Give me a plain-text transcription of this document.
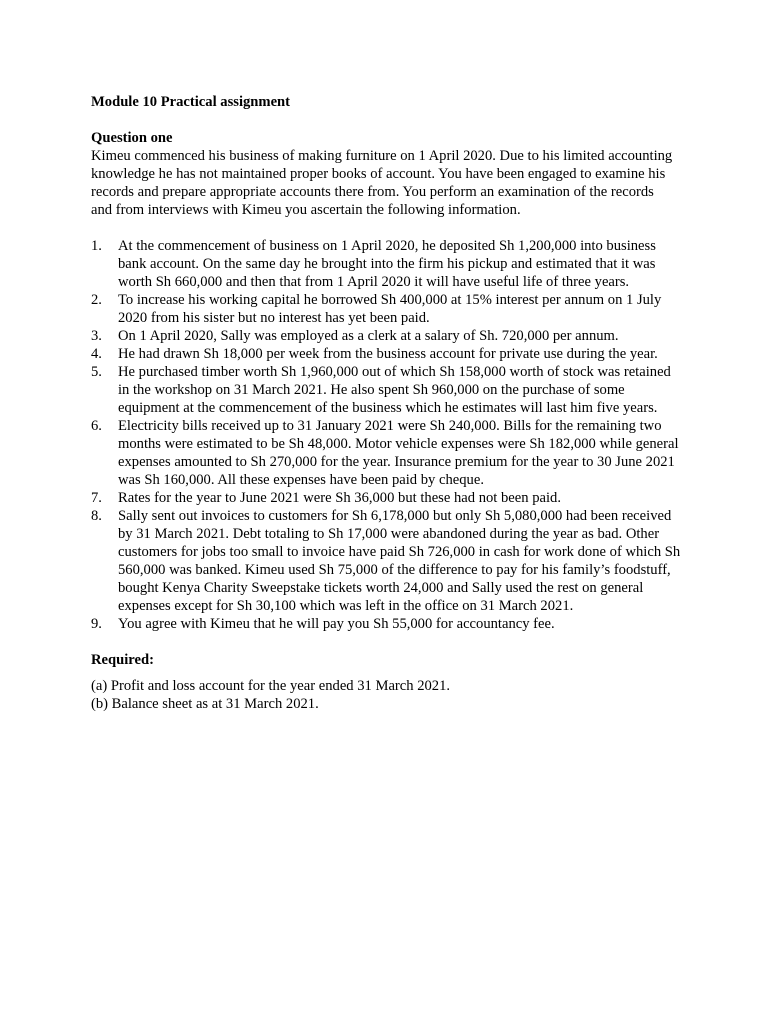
Module 10 Practical assignment

Question one

Kimeu commenced his business of making furniture on 1 April 2020. Due to his limited accounting knowledge he has not maintained proper books of account. You have been engaged to examine his records and prepare appropriate accounts there from. You perform an examination of the records and from interviews with Kimeu you ascertain the following information.

1. At the commencement of business on 1 April 2020, he deposited Sh 1,200,000 into business bank account. On the same day he brought into the firm his pickup and estimated that it was worth Sh 660,000 and then that from 1 April 2020 it will have useful life of three years.
2. To increase his working capital he borrowed Sh 400,000 at 15% interest per annum on 1 July 2020 from his sister but no interest has yet been paid.
3. On 1 April 2020, Sally was employed as a clerk at a salary of Sh. 720,000 per annum.
4. He had drawn Sh 18,000 per week from the business account for private use during the year.
5. He purchased timber worth Sh 1,960,000 out of which Sh 158,000 worth of stock was retained in the workshop on 31 March 2021. He also spent Sh 960,000 on the purchase of some equipment at the commencement of the business which he estimates will last him five years.
6. Electricity bills received up to 31 January 2021 were Sh 240,000. Bills for the remaining two months were estimated to be Sh 48,000. Motor vehicle expenses were Sh 182,000 while general expenses amounted to Sh 270,000 for the year. Insurance premium for the year to 30 June 2021 was Sh 160,000. All these expenses have been paid by cheque.
7. Rates for the year to June 2021 were Sh 36,000 but these had not been paid.
8. Sally sent out invoices to customers for Sh 6,178,000 but only Sh 5,080,000 had been received by 31 March 2021. Debt totaling to Sh 17,000 were abandoned during the year as bad. Other customers for jobs too small to invoice have paid Sh 726,000 in cash for work done of which Sh 560,000 was banked. Kimeu used Sh 75,000 of the difference to pay for his family’s foodstuff, bought Kenya Charity Sweepstake tickets worth 24,000 and Sally used the rest on general expenses except for Sh 30,100 which was left in the office on 31 March 2021.
9. You agree with Kimeu that he will pay you Sh 55,000 for accountancy fee.

Required:

(a) Profit and loss account for the year ended 31 March 2021.
(b) Balance sheet as at 31 March 2021.
